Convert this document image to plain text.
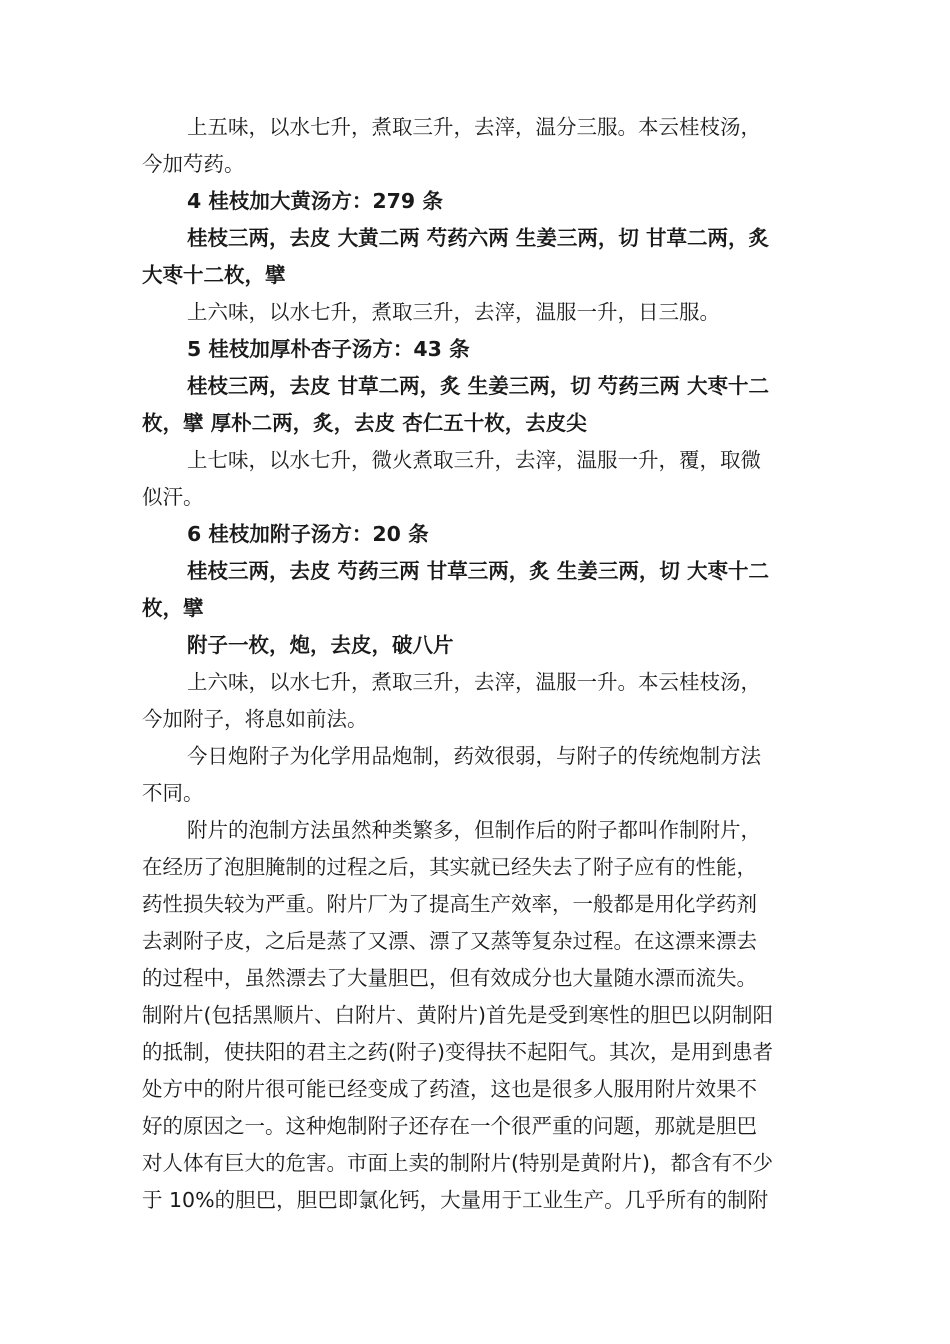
上五味，以水七升，煮取三升，去滓，温分三服。本云桂枝汤，
今加芍药。
4 桂枝加大黄汤方：279 条
桂枝三两，去皮 大黄二两 芍药六两 生姜三两，切 甘草二两，炙
大枣十二枚，擘
上六味，以水七升，煮取三升，去滓，温服一升，日三服。
5 桂枝加厚朴杏子汤方：43 条
桂枝三两，去皮 甘草二两，炙 生姜三两，切 芍药三两 大枣十二
枚，擘 厚朴二两，炙，去皮 杏仁五十枚，去皮尖
上七味，以水七升，微火煮取三升，去滓，温服一升，覆，取微
似汗。
6 桂枝加附子汤方：20 条
桂枝三两，去皮 芍药三两 甘草三两，炙 生姜三两，切 大枣十二
枚，擘
附子一枚，炮，去皮，破八片
上六味，以水七升，煮取三升，去滓，温服一升。本云桂枝汤，
今加附子，将息如前法。
今日炮附子为化学用品炮制，药效很弱，与附子的传统炮制方法
不同。
附片的泡制方法虽然种类繁多，但制作后的附子都叫作制附片，
在经历了泡胆腌制的过程之后，其实就已经失去了附子应有的性能，
药性损失较为严重。附片厂为了提高生产效率，一般都是用化学药剂
去剥附子皮，之后是蒸了又漂、漂了又蒸等复杂过程。在这漂来漂去
的过程中，虽然漂去了大量胆巴，但有效成分也大量随水漂而流失。
制附片(包括黑顺片、白附片、黄附片)首先是受到寒性的胆巴以阴制阳
的抵制，使扶阳的君主之药(附子)变得扶不起阳气。其次，是用到患者
处方中的附片很可能已经变成了药渣，这也是很多人服用附片效果不
好的原因之一。这种炮制附子还存在一个很严重的问题，那就是胆巴
对人体有巨大的危害。市面上卖的制附片(特别是黄附片)，都含有不少
于 10%的胆巴，胆巴即氯化钙，大量用于工业生产。几乎所有的制附
